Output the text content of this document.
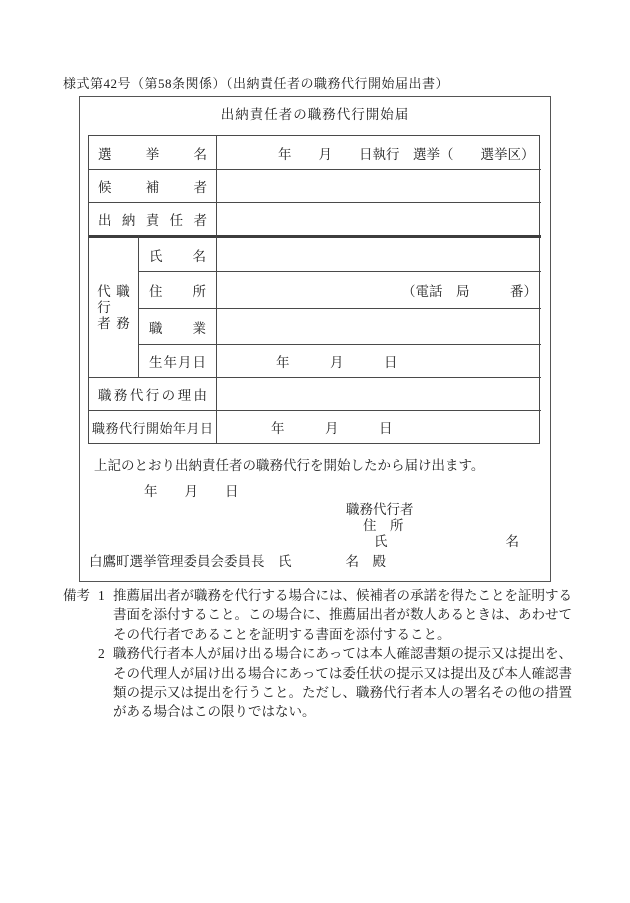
様式第42号（第58条関係）（出納責任者の職務代行開始届出書）
出納責任者の職務代行開始届
選挙名	年　　月　　日執行　選挙（　　選挙区）
候補者
出納責任者
代行者
職
務
氏名
住所	（電話　局　　　番）
職業
生年月日	年　　　月　　　日
職務代行の理由
職務代行開始年月日	年　　　月　　　日
上記のとおり出納責任者の職務代行を開始したから届け出ます。
年　　月　　日
職務代行者
住　所
氏	名
白鷹町選挙管理委員会委員長　氏　　　　名　殿
備考 1 推薦届出者が職務を代行する場合には、候補者の承諾を得たことを証明する書面を添付すること。この場合に、推薦届出者が数人あるときは、あわせてその代行者であることを証明する書面を添付すること。
2 職務代行者本人が届け出る場合にあっては本人確認書類の提示又は提出を、その代理人が届け出る場合にあっては委任状の提示又は提出及び本人確認書類の提示又は提出を行うこと。ただし、職務代行者本人の署名その他の措置がある場合はこの限りではない。
